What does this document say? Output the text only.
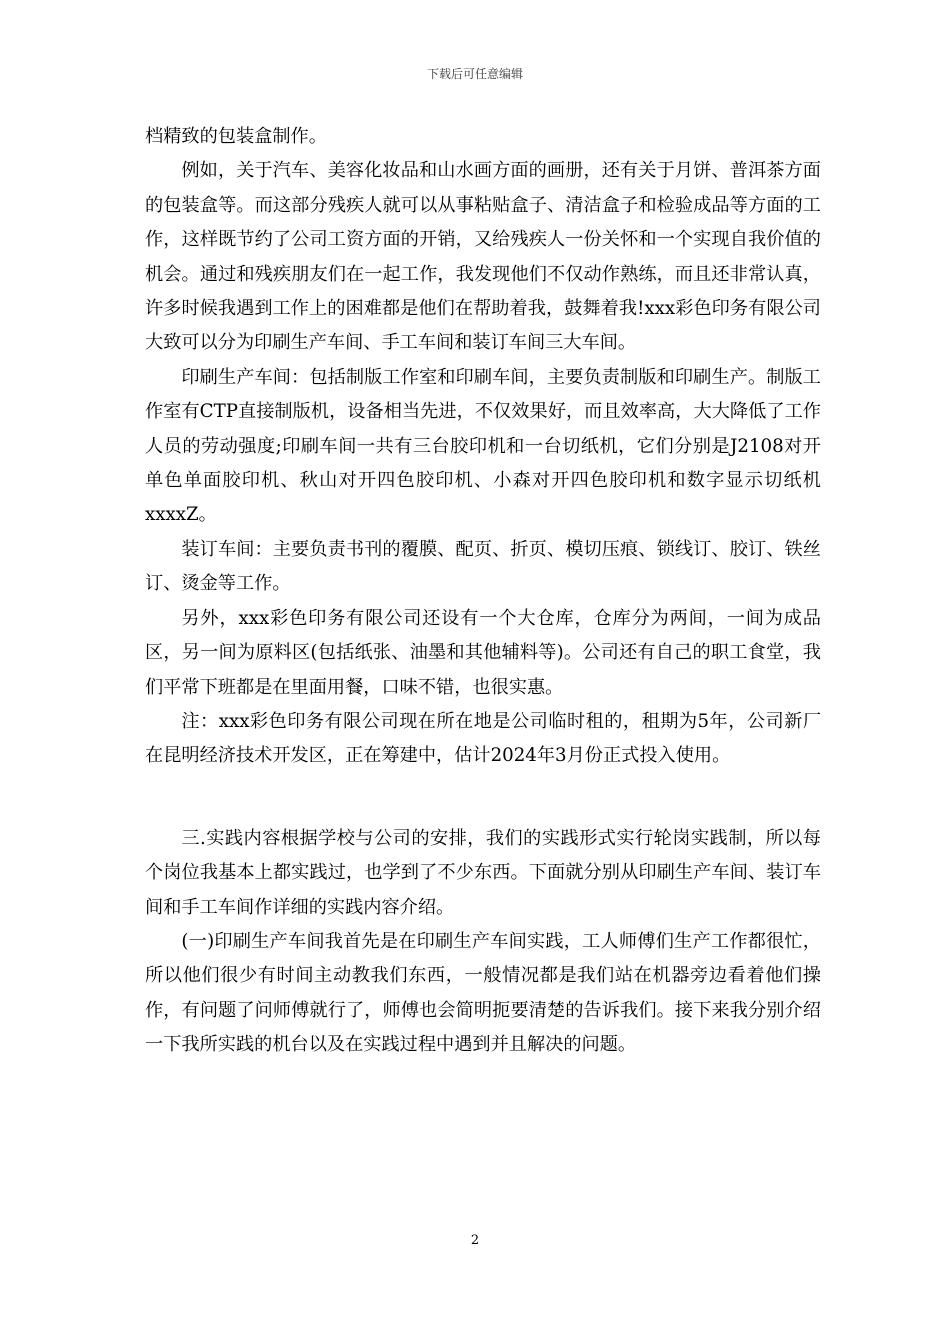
下载后可任意编辑

档精致的包装盒制作。

例如，关于汽车、美容化妆品和山水画方面的画册，还有关于月饼、普洱茶方面的包装盒等。而这部分残疾人就可以从事粘贴盒子、清洁盒子和检验成品等方面的工作，这样既节约了公司工资方面的开销，又给残疾人一份关怀和一个实现自我价值的机会。通过和残疾朋友们在一起工作，我发现他们不仅动作熟练，而且还非常认真，许多时候我遇到工作上的困难都是他们在帮助着我，鼓舞着我!xxx彩色印务有限公司大致可以分为印刷生产车间、手工车间和装订车间三大车间。

印刷生产车间：包括制版工作室和印刷车间，主要负责制版和印刷生产。制版工作室有CTP直接制版机，设备相当先进，不仅效果好，而且效率高，大大降低了工作人员的劳动强度;印刷车间一共有三台胶印机和一台切纸机，它们分别是J2108对开单色单面胶印机、秋山对开四色胶印机、小森对开四色胶印机和数字显示切纸机xxxxZ。

装订车间：主要负责书刊的覆膜、配页、折页、模切压痕、锁线订、胶订、铁丝订、烫金等工作。

另外，xxx彩色印务有限公司还设有一个大仓库，仓库分为两间，一间为成品区，另一间为原料区(包括纸张、油墨和其他辅料等)。公司还有自己的职工食堂，我们平常下班都是在里面用餐，口味不错，也很实惠。

注：xxx彩色印务有限公司现在所在地是公司临时租的，租期为5年，公司新厂在昆明经济技术开发区，正在筹建中，估计2024年3月份正式投入使用。

三.实践内容根据学校与公司的安排，我们的实践形式实行轮岗实践制，所以每个岗位我基本上都实践过，也学到了不少东西。下面就分别从印刷生产车间、装订车间和手工车间作详细的实践内容介绍。

(一)印刷生产车间我首先是在印刷生产车间实践，工人师傅们生产工作都很忙，所以他们很少有时间主动教我们东西，一般情况都是我们站在机器旁边看着他们操作，有问题了问师傅就行了，师傅也会简明扼要清楚的告诉我们。接下来我分别介绍一下我所实践的机台以及在实践过程中遇到并且解决的问题。

2
